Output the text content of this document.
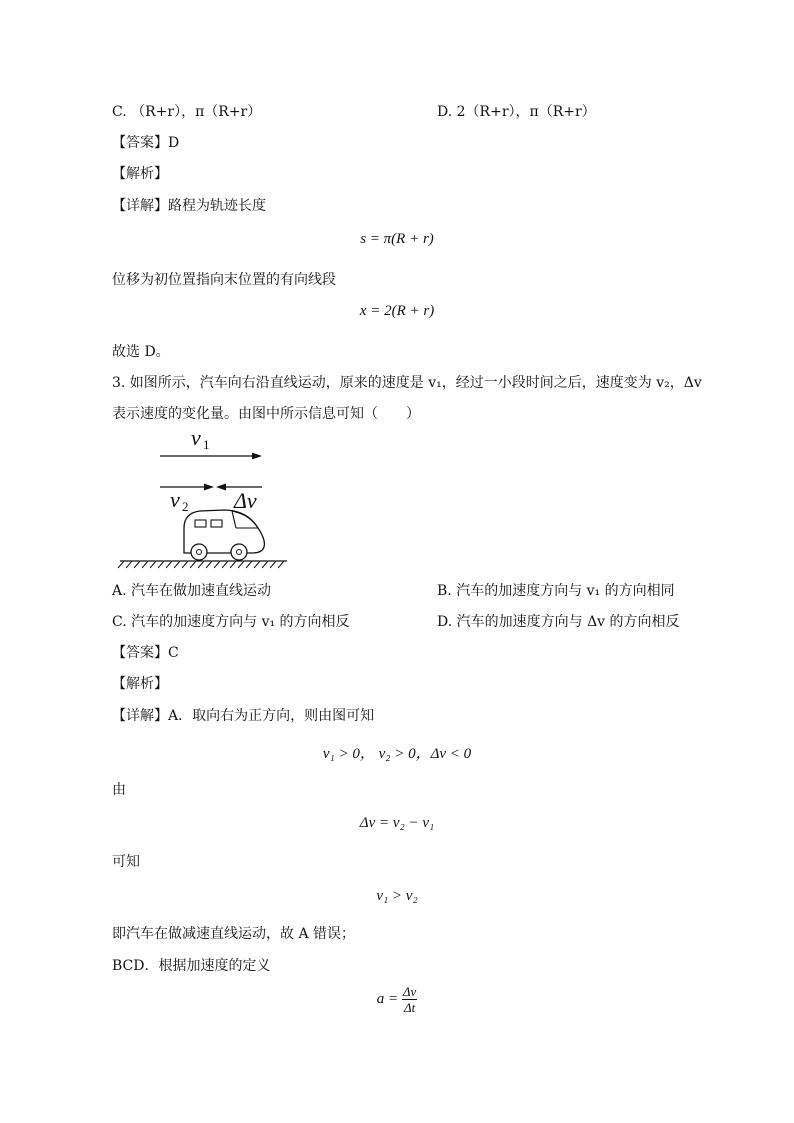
C. （R+r），π（R+r）	D. 2（R+r），π（R+r）
【答案】D
【解析】
【详解】路程为轨迹长度
s = π(R + r)
位移为初位置指向末位置的有向线段
x = 2(R + r)
故选 D。
3. 如图所示，汽车向右沿直线运动，原来的速度是 v₁，经过一小段时间之后，速度变为 v₂，Δv
表示速度的变化量。由图中所示信息可知（　　）
v 1
v 2 Δv
A. 汽车在做加速直线运动	B. 汽车的加速度方向与 v₁ 的方向相同
C. 汽车的加速度方向与 v₁ 的方向相反	D. 汽车的加速度方向与 Δv 的方向相反
【答案】C
【解析】
【详解】A．取向右为正方向，则由图可知
v₁ > 0， v₂ > 0，Δv < 0
由
Δv = v₂ − v₁
可知
v₁ > v₂
即汽车在做减速直线运动，故 A 错误；
BCD．根据加速度的定义
$a = \frac{\Delta v}{\Delta t}$
